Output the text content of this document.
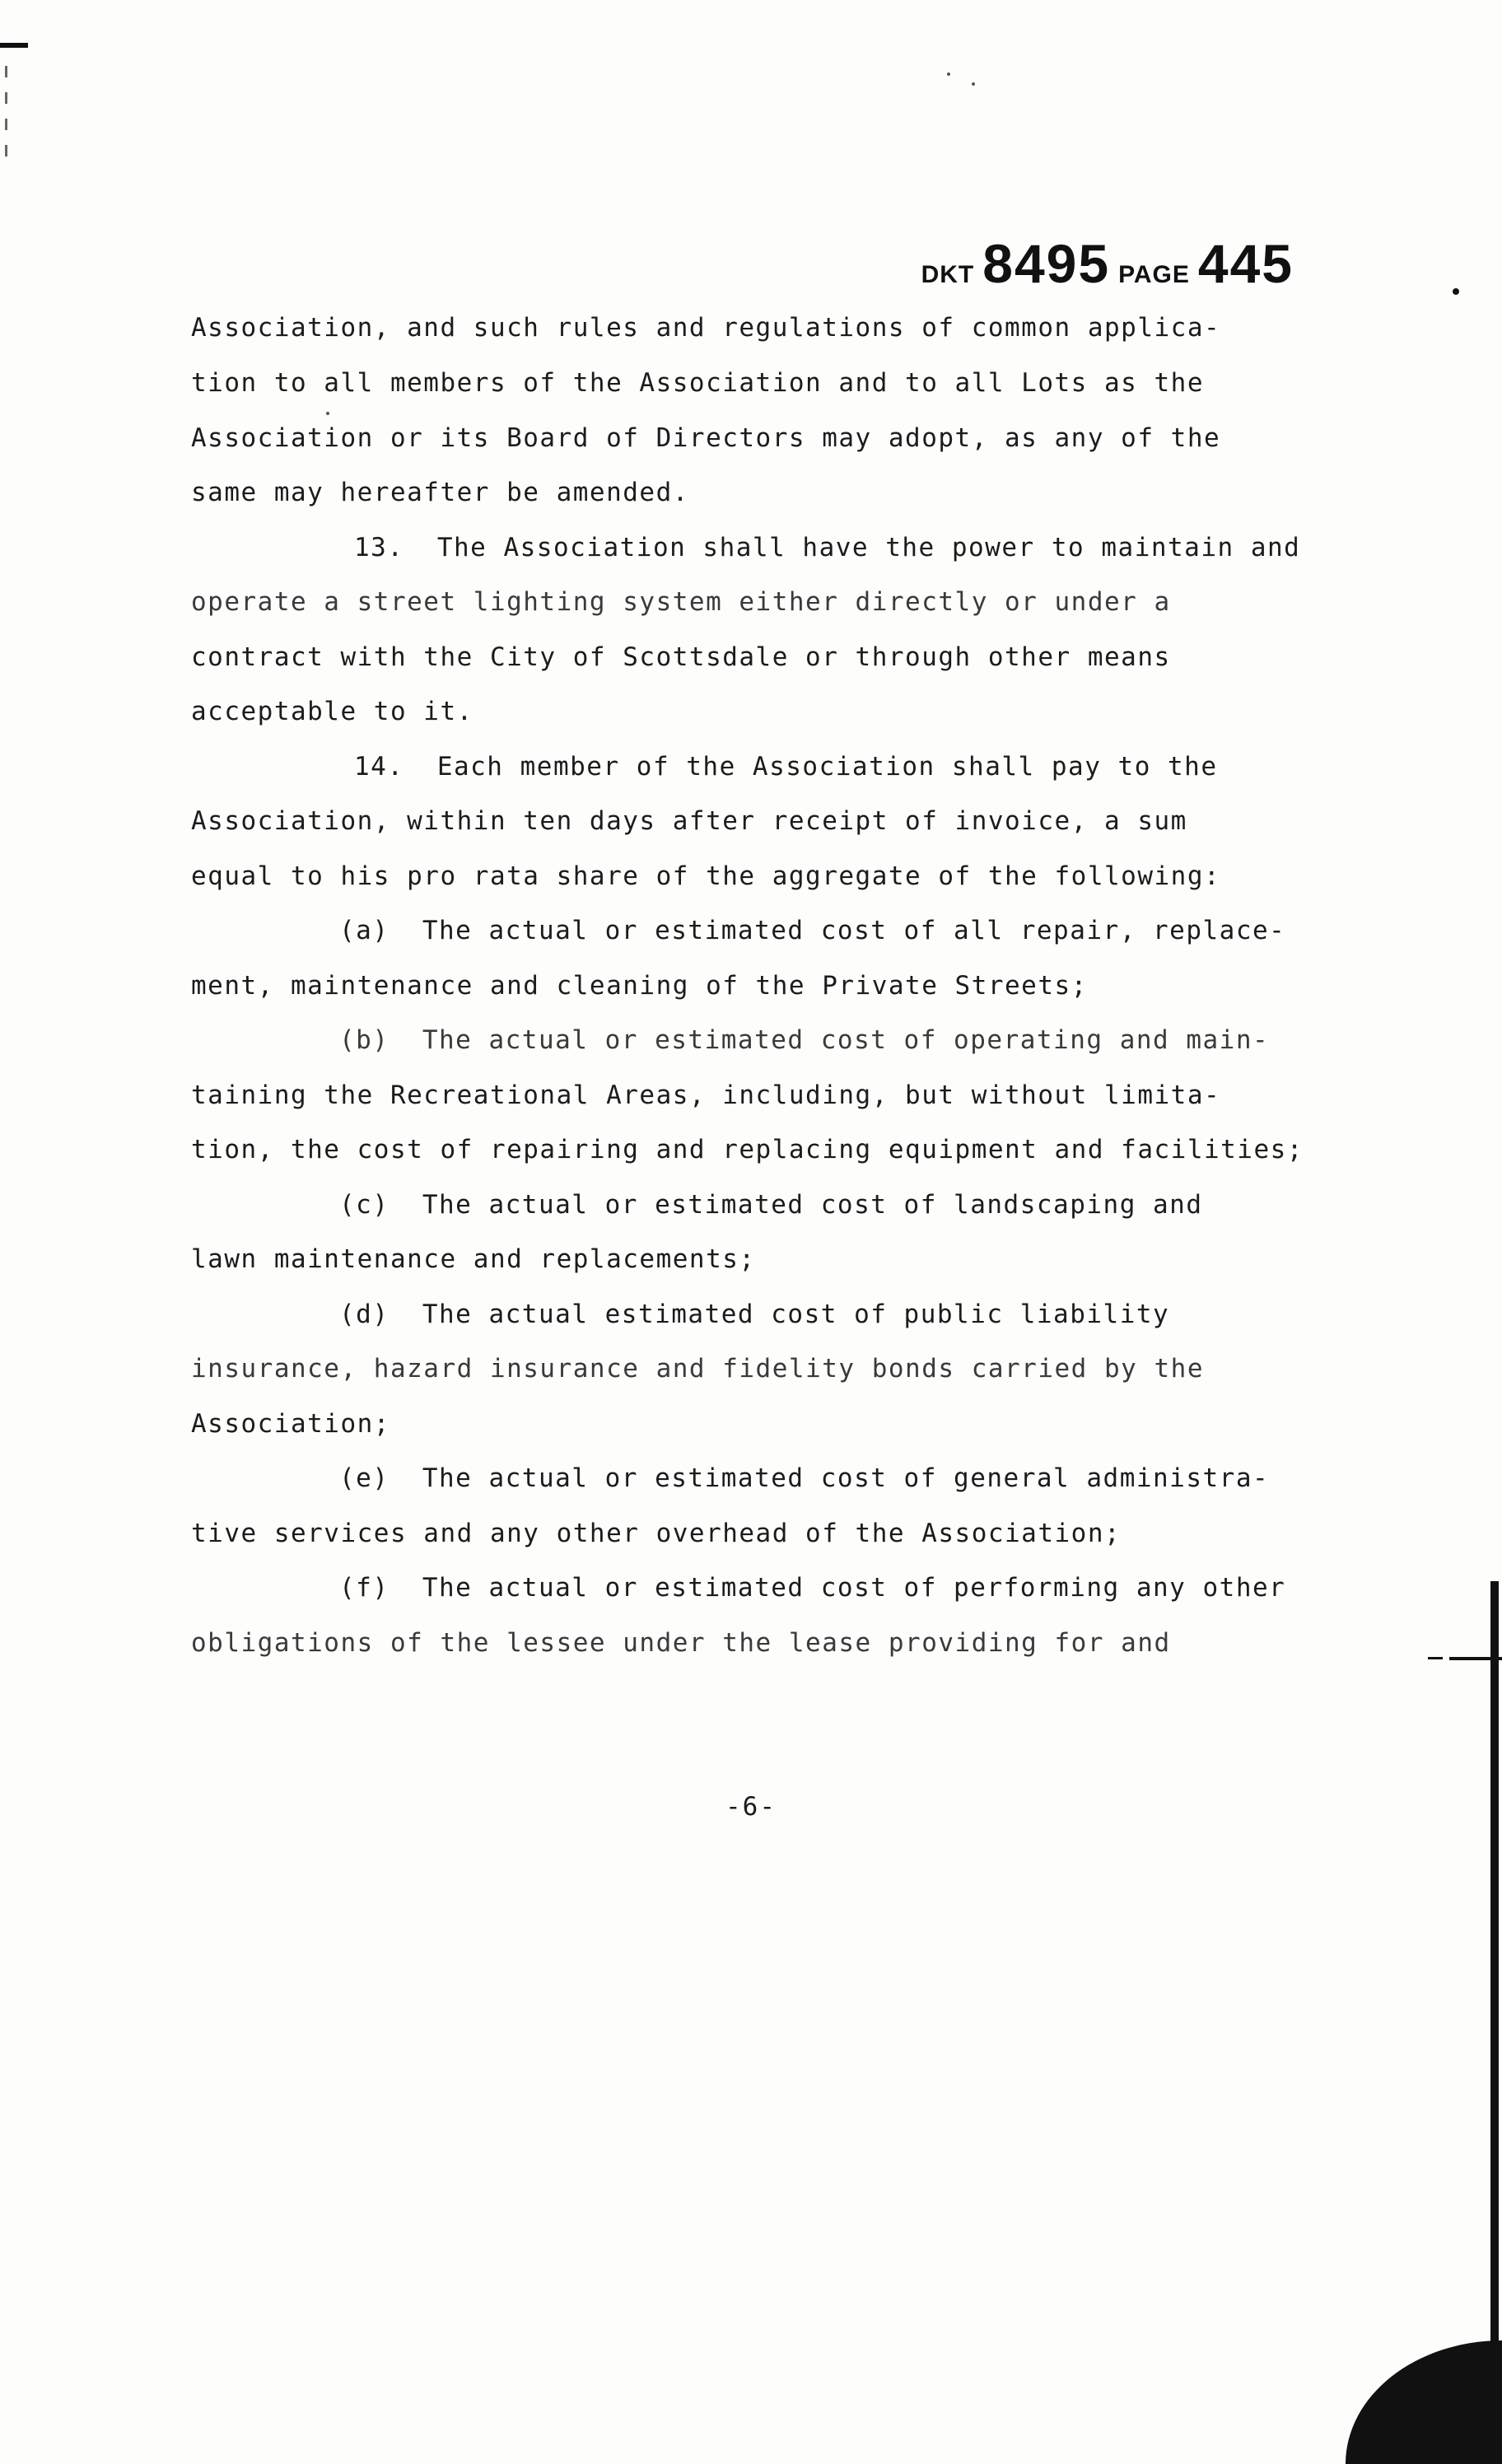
DKT 8495 PAGE 445

Association, and such rules and regulations of common applica-

tion to all members of the Association and to all Lots as the

Association or its Board of Directors may adopt, as any of the

same may hereafter be amended.

13.  The Association shall have the power to maintain and

operate a street lighting system either directly or under a

contract with the City of Scottsdale or through other means

acceptable to it.

14.  Each member of the Association shall pay to the

Association, within ten days after receipt of invoice, a sum

equal to his pro rata share of the aggregate of the following:

(a)  The actual or estimated cost of all repair, replace-

ment, maintenance and cleaning of the Private Streets;

(b)  The actual or estimated cost of operating and main-

taining the Recreational Areas, including, but without limita-

tion, the cost of repairing and replacing equipment and facilities;

(c)  The actual or estimated cost of landscaping and

lawn maintenance and replacements;

(d)  The actual estimated cost of public liability

insurance, hazard insurance and fidelity bonds carried by the

Association;

(e)  The actual or estimated cost of general administra-

tive services and any other overhead of the Association;

(f)  The actual or estimated cost of performing any other

obligations of the lessee under the lease providing for and

-6-
